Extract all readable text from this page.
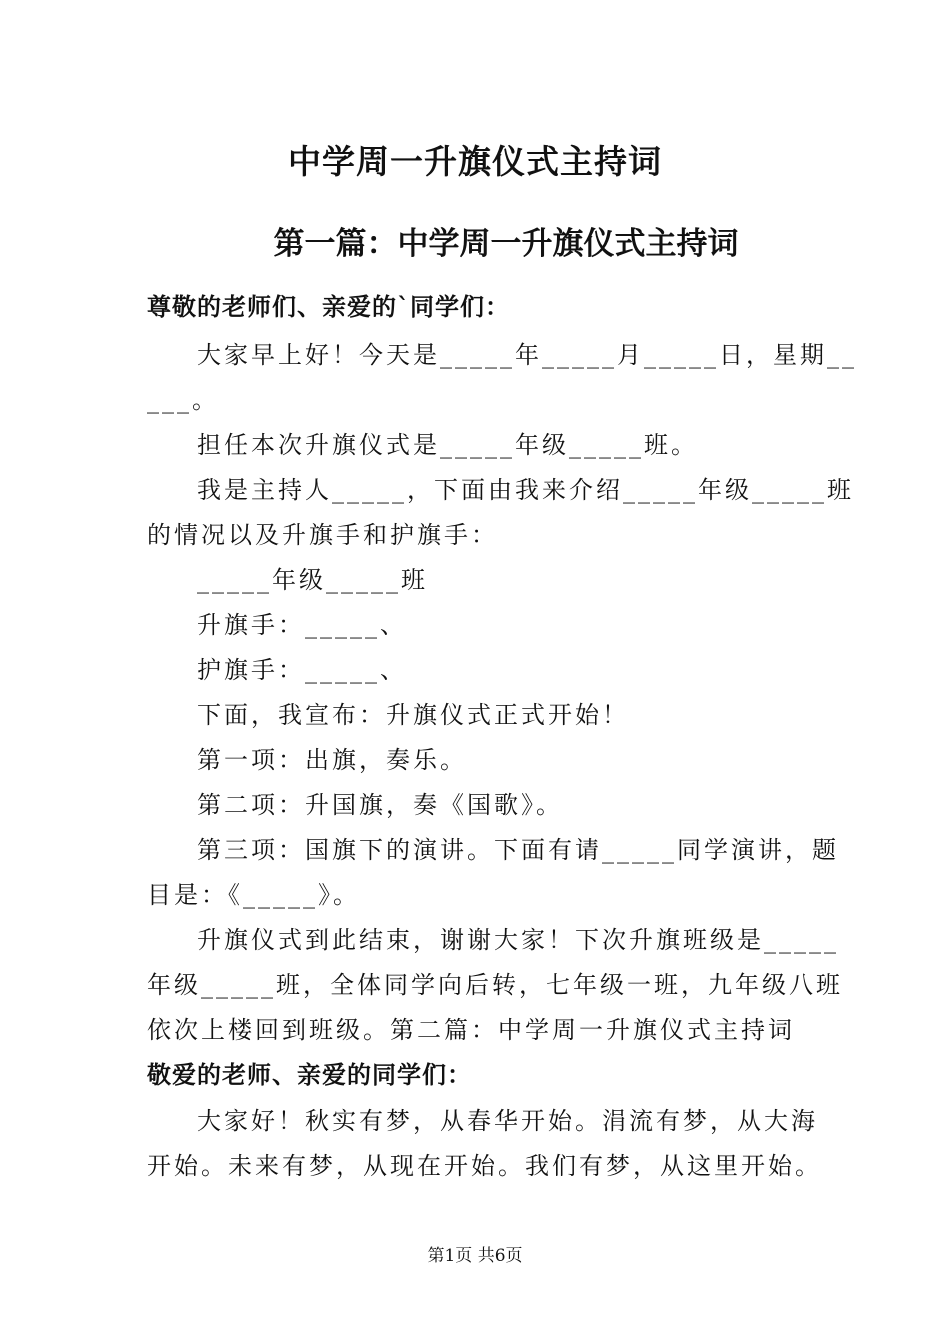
中学周一升旗仪式主持词
第一篇：中学周一升旗仪式主持词
尊敬的老师们、亲爱的`同学们：
大家早上好！今天是_____年_____月_____日，星期__
___。
担任本次升旗仪式是_____年级_____班。
我是主持人_____，下面由我来介绍_____年级_____班
的情况以及升旗手和护旗手：
_____年级_____班
升旗手：_____、
护旗手：_____、
下面，我宣布：升旗仪式正式开始！
第一项：出旗，奏乐。
第二项：升国旗，奏《国歌》。
第三项：国旗下的演讲。下面有请_____同学演讲，题
目是：《_____》。
升旗仪式到此结束，谢谢大家！下次升旗班级是_____
年级_____班，全体同学向后转，七年级一班，九年级八班
依次上楼回到班级。第二篇：中学周一升旗仪式主持词
敬爱的老师、亲爱的同学们：
大家好！秋实有梦，从春华开始。涓流有梦，从大海
开始。未来有梦，从现在开始。我们有梦，从这里开始。
第1页 共6页
